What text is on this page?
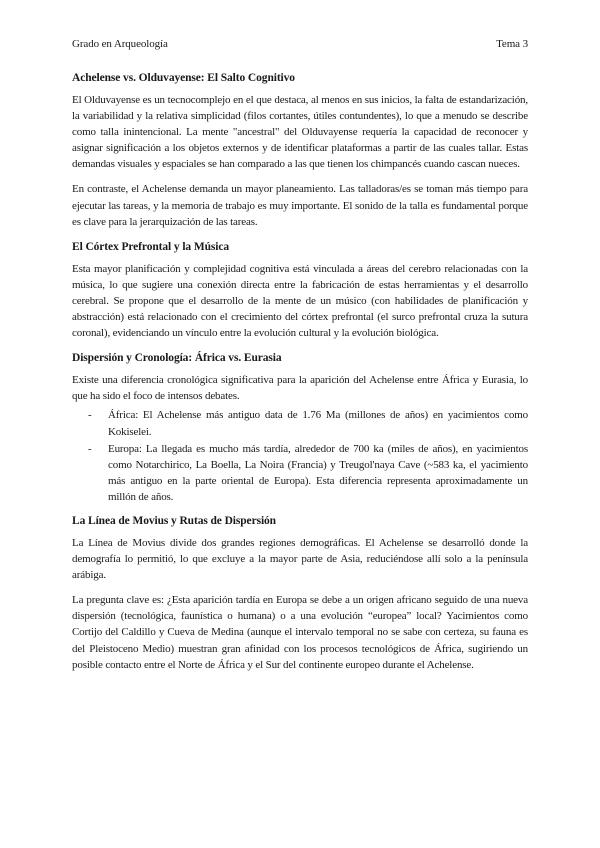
Grado en Arqueología	Tema 3
Achelense vs. Olduvayense: El Salto Cognitivo

El Olduvayense es un tecnocomplejo en el que destaca, al menos en sus inicios, la falta de estandarización, la variabilidad y la relativa simplicidad (filos cortantes, útiles contundentes), lo que a menudo se describe como talla inintencional. La mente "ancestral" del Olduvayense requería la capacidad de reconocer y asignar significación a los objetos externos y de identificar plataformas a partir de las cuales tallar. Estas demandas visuales y espaciales se han comparado a las que tienen los chimpancés cuando cascan nueces.

En contraste, el Achelense demanda un mayor planeamiento. Las talladoras/es se toman más tiempo para ejecutar las tareas, y la memoria de trabajo es muy importante. El sonido de la talla es fundamental porque es clave para la jerarquización de las tareas.

El Córtex Prefrontal y la Música

Esta mayor planificación y complejidad cognitiva está vinculada a áreas del cerebro relacionadas con la música, lo que sugiere una conexión directa entre la fabricación de estas herramientas y el desarrollo cerebral. Se propone que el desarrollo de la mente de un músico (con habilidades de planificación y abstracción) está relacionado con el crecimiento del córtex prefrontal (el surco prefrontal cruza la sutura coronal), evidenciando un vínculo entre la evolución cultural y la evolución biológica.

Dispersión y Cronología: África vs. Eurasia

Existe una diferencia cronológica significativa para la aparición del Achelense entre África y Eurasia, lo que ha sido el foco de intensos debates.

- África: El Achelense más antiguo data de 1.76 Ma (millones de años) en yacimientos como Kokiselei.
- Europa: La llegada es mucho más tardía, alrededor de 700 ka (miles de años), en yacimientos como Notarchirico, La Boella, La Noira (Francia) y Treugol'naya Cave (~583 ka, el yacimiento más antiguo en la parte oriental de Europa). Esta diferencia representa aproximadamente un millón de años.
La Línea de Movius y Rutas de Dispersión

La Línea de Movius divide dos grandes regiones demográficas. El Achelense se desarrolló donde la demografía lo permitió, lo que excluye a la mayor parte de Asia, reduciéndose allí solo a la península arábiga.

La pregunta clave es: ¿Esta aparición tardía en Europa se debe a un origen africano seguido de una nueva dispersión (tecnológica, faunística o humana) o a una evolución “europea” local? Yacimientos como Cortijo del Caldillo y Cueva de Medina (aunque el intervalo temporal no se sabe con certeza, su fauna es del Pleistoceno Medio) muestran gran afinidad con los procesos tecnológicos de África, sugiriendo un posible contacto entre el Norte de África y el Sur del continente europeo durante el Achelense.
